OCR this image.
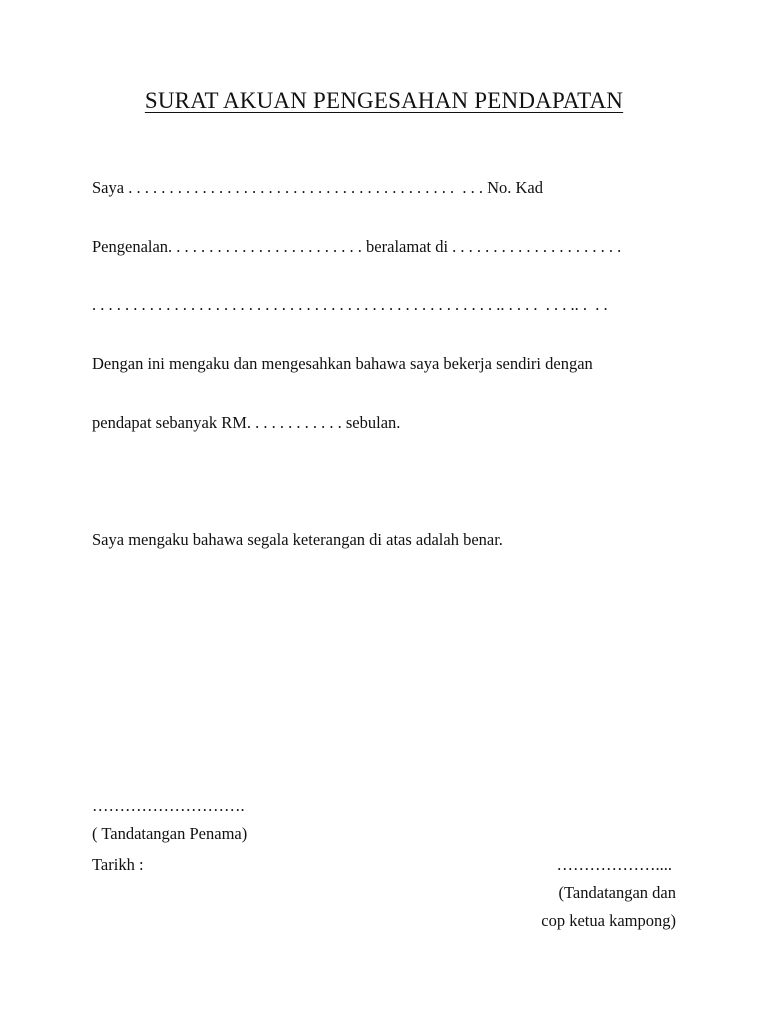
SURAT AKUAN PENGESAHAN PENDAPATAN
Saya . . . . . . . . . . . . . . . . . . . . . . . . . . . . . . . . . . . . . . . .  . . . No. Kad
Pengenalan. . . . . . . . . . . . . . . . . . . . . . . . beralamat di . . . . . . . . . . . . . . . . . . . . .
. . . . . . . . . . . . . . . . . . . . . . . . . . . . . . . . . . . . . . . . . . . . . . . . . .. . . . .  . . . .. .  . .
Dengan ini mengaku dan mengesahkan bahawa saya bekerja sendiri dengan
pendapat sebanyak RM. . . . . . . . . . . . sebulan.
Saya mengaku bahawa segala keterangan di atas adalah benar.
……………………….
( Tandatangan Penama)
Tarikh :	………………....
(Tandatangan dan
cop ketua kampong)
